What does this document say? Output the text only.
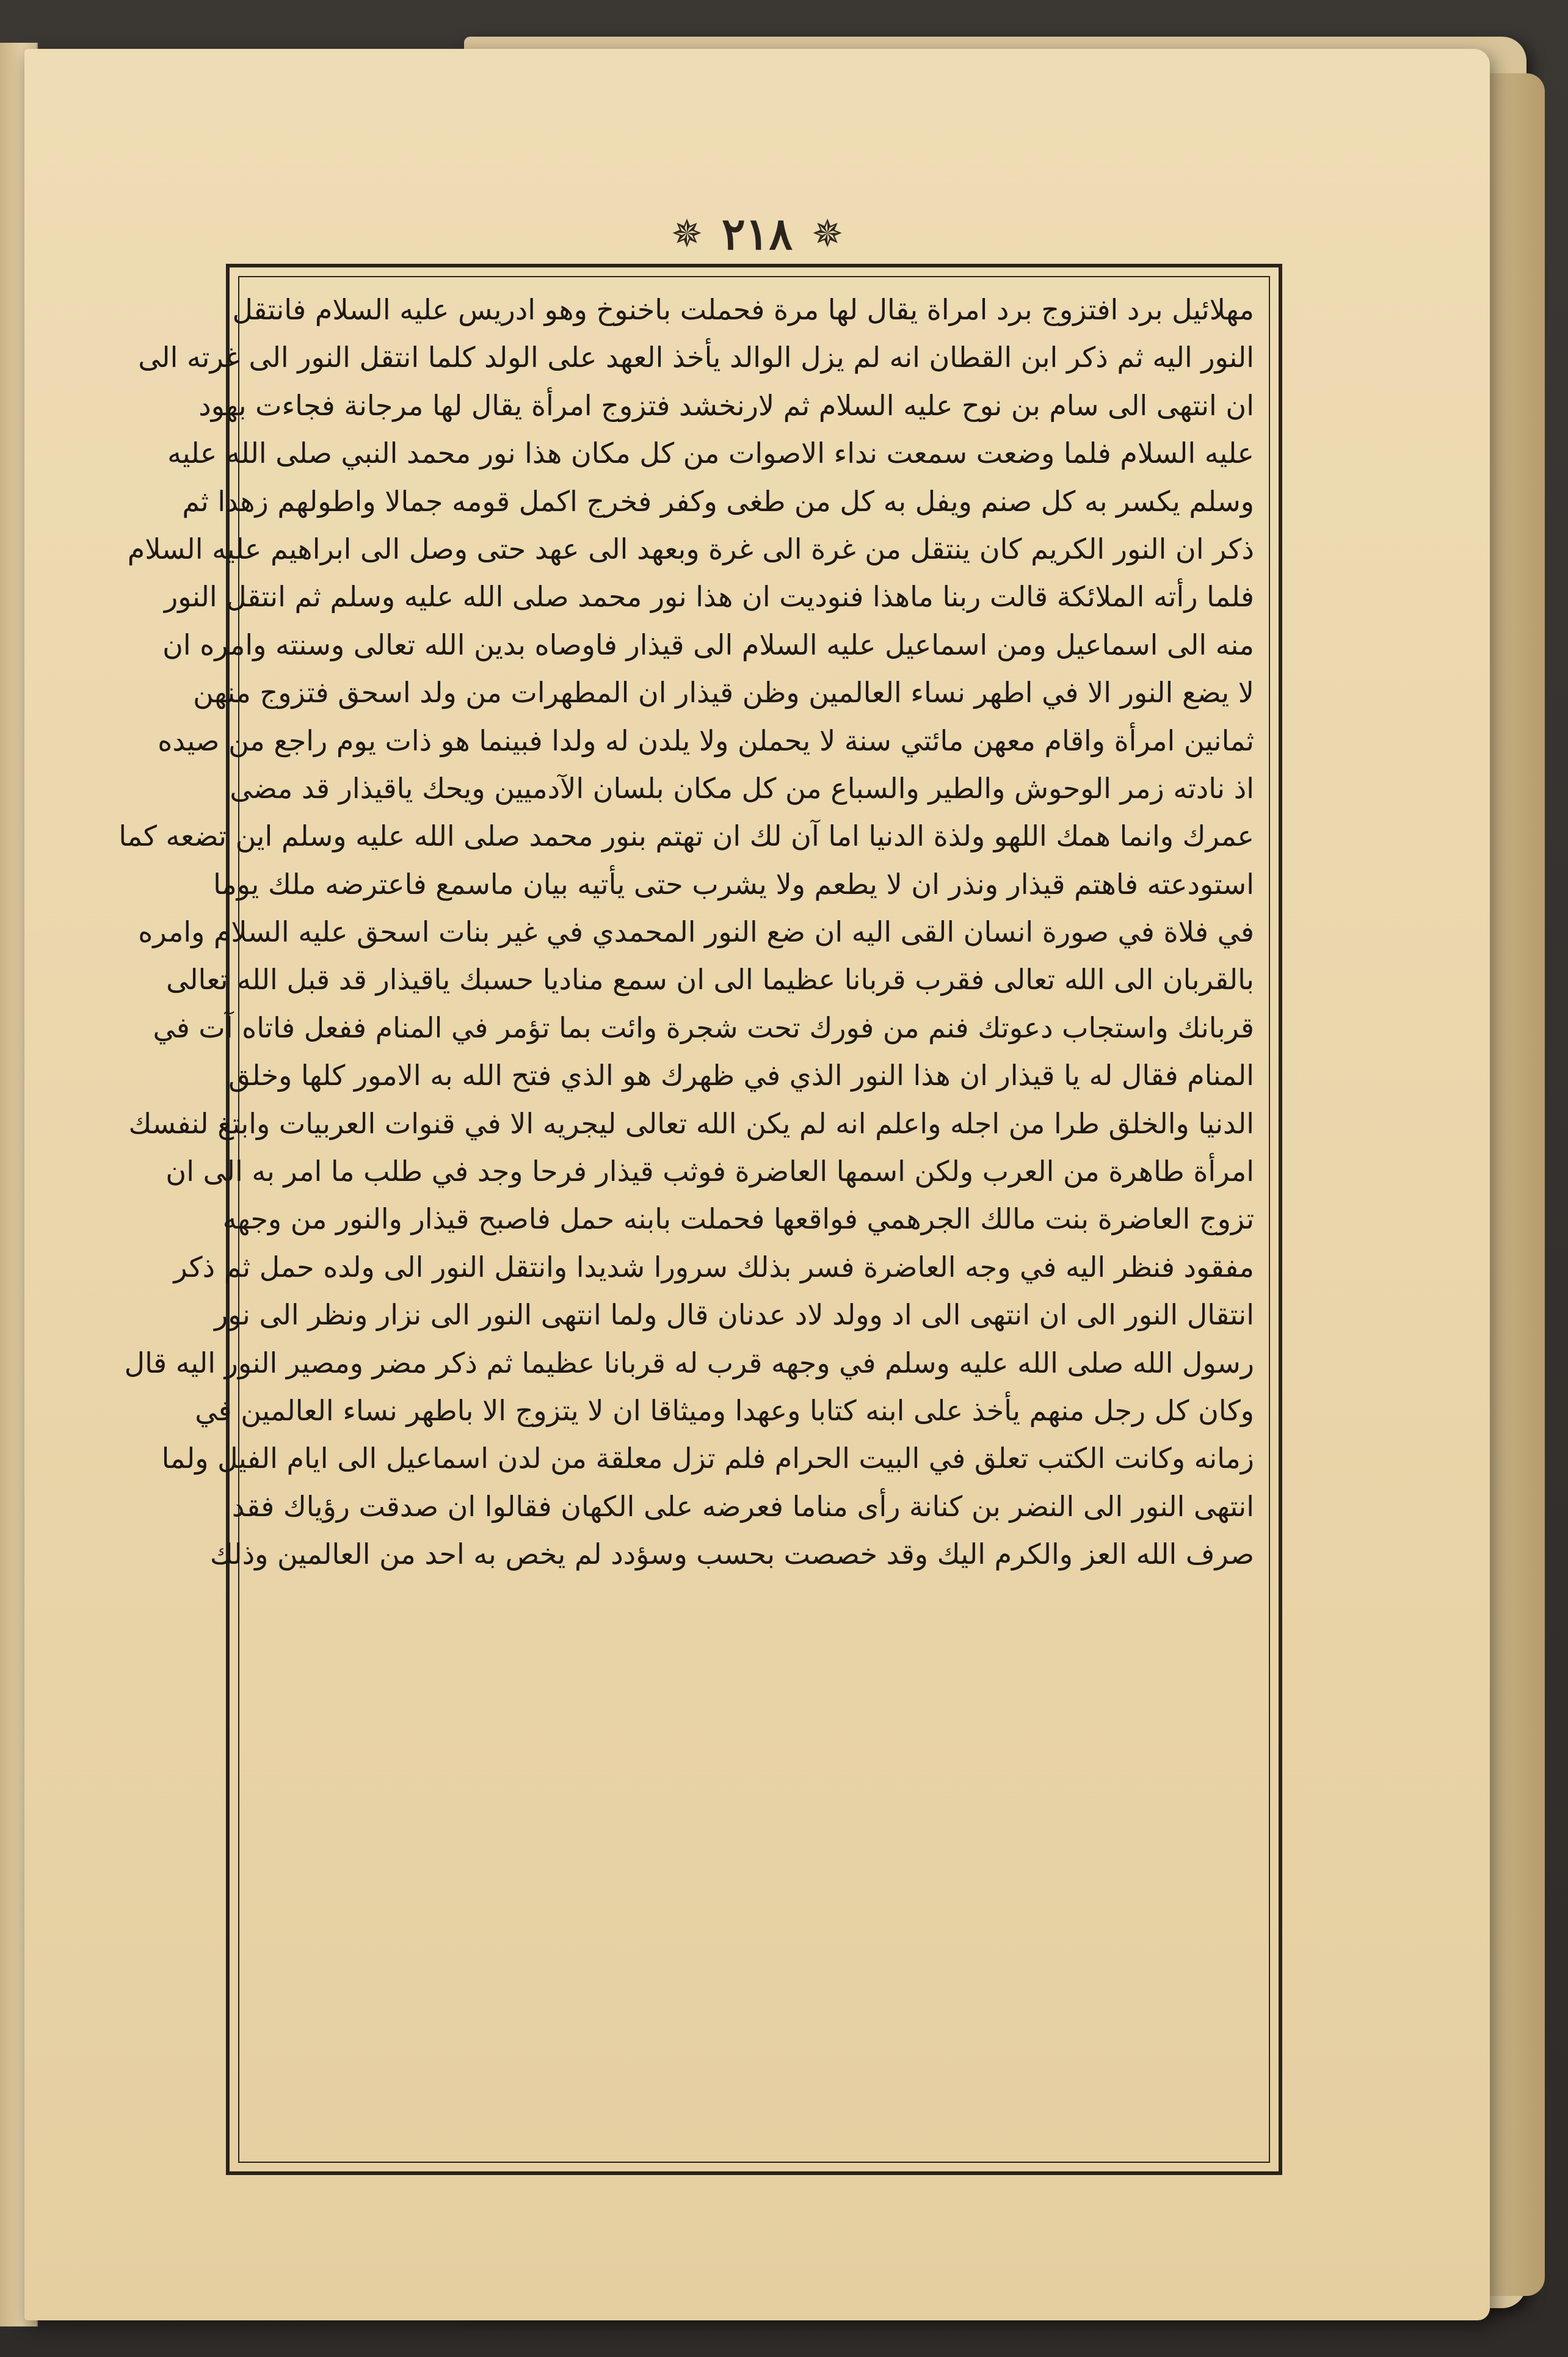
✵ ٢١٨ ✵
مهلائيل برد افتزوج برد امراة يقال لها مرة فحملت باخنوخ وهو ادريس عليه السلام فانتقل
النور اليه ثم ذكر ابن القطان انه لم يزل الوالد يأخذ العهد على الولد كلما انتقل النور الى غرته الى
ان انتهى الى سام بن نوح عليه السلام ثم لارنخشد فتزوج امرأة يقال لها مرجانة فجاءت بهود
عليه السلام فلما وضعت سمعت نداء الاصوات من كل مكان هذا نور محمد النبي صلى الله عليه
وسلم يكسر به كل صنم ويفل به كل من طغى وكفر فخرج اكمل قومه جمالا واطولهم زهدا ثم
ذكر ان النور الكريم كان ينتقل من غرة الى غرة وبعهد الى عهد حتى وصل الى ابراهيم عليه السلام
فلما رأته الملائكة قالت ربنا ماهذا فنوديت ان هذا نور محمد صلى الله عليه وسلم ثم انتقل النور
منه الى اسماعيل ومن اسماعيل عليه السلام الى قيذار فاوصاه بدين الله تعالى وسنته وامره ان
لا يضع النور الا في اطهر نساء العالمين وظن قيذار ان المطهرات من ولد اسحق فتزوج منهن
ثمانين امرأة واقام معهن مائتي سنة لا يحملن ولا يلدن له ولدا فبينما هو ذات يوم راجع من صيده
اذ نادته زمر الوحوش والطير والسباع من كل مكان بلسان الآدميين ويحك ياقيذار قد مضى
عمرك وانما همك اللهو ولذة الدنيا اما آن لك ان تهتم بنور محمد صلى الله عليه وسلم اين تضعه كما
استودعته فاهتم قيذار ونذر ان لا يطعم ولا يشرب حتى يأتيه بيان ماسمع فاعترضه ملك يوما
في فلاة في صورة انسان القى اليه ان ضع النور المحمدي في غير بنات اسحق عليه السلام وامره
بالقربان الى الله تعالى فقرب قربانا عظيما الى ان سمع مناديا حسبك ياقيذار قد قبل الله تعالى
قربانك واستجاب دعوتك فنم من فورك تحت شجرة وائت بما تؤمر في المنام ففعل فاتاه آت في
المنام فقال له يا قيذار ان هذا النور الذي في ظهرك هو الذي فتح الله به الامور كلها وخلق
الدنيا والخلق طرا من اجله واعلم انه لم يكن الله تعالى ليجريه الا في قنوات العربيات وابتغ لنفسك
امرأة طاهرة من العرب ولكن اسمها العاضرة فوثب قيذار فرحا وجد في طلب ما امر به الى ان
تزوج العاضرة بنت مالك الجرهمي فواقعها فحملت بابنه حمل فاصبح قيذار والنور من وجهه
مفقود فنظر اليه في وجه العاضرة فسر بذلك سرورا شديدا وانتقل النور الى ولده حمل ثم ذكر
انتقال النور الى ان انتهى الى اد وولد لاد عدنان قال ولما انتهى النور الى نزار ونظر الى نور
رسول الله صلى الله عليه وسلم في وجهه قرب له قربانا عظيما ثم ذكر مضر ومصير النور اليه قال
وكان كل رجل منهم يأخذ على ابنه كتابا وعهدا وميثاقا ان لا يتزوج الا باطهر نساء العالمين في
زمانه وكانت الكتب تعلق في البيت الحرام فلم تزل معلقة من لدن اسماعيل الى ايام الفيل ولما
انتهى النور الى النضر بن كنانة رأى مناما فعرضه على الكهان فقالوا ان صدقت رؤياك فقد
صرف الله العز والكرم اليك وقد خصصت بحسب وسؤدد لم يخص به احد من العالمين وذلك
